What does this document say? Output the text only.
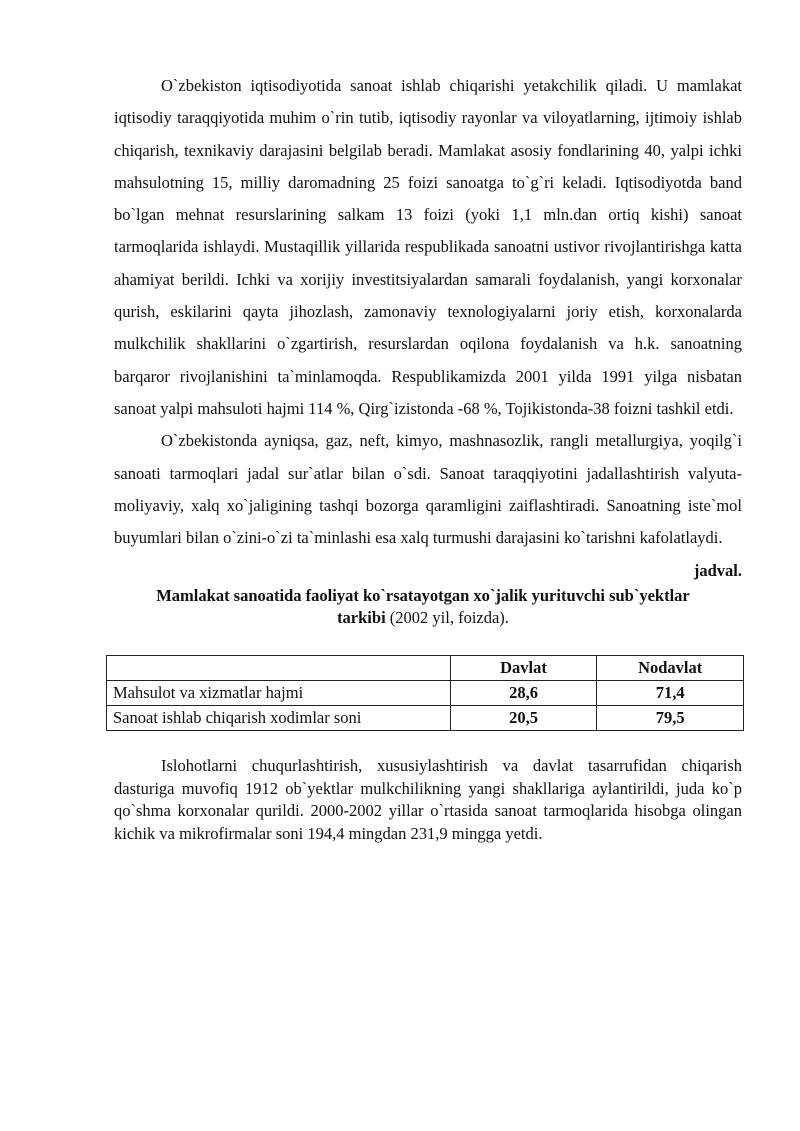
O`zbekiston iqtisodiyotida sanoat ishlab chiqarishi yetakchilik qiladi. U mamlakat iqtisodiy taraqqiyotida muhim o`rin tutib, iqtisodiy rayonlar va viloyatlarning, ijtimoiy ishlab chiqarish, texnikaviy darajasini belgilab beradi. Mamlakat asosiy fondlarining 40, yalpi ichki mahsulotning 15, milliy daromadning 25 foizi sanoatga to`g`ri keladi. Iqtisodiyotda band bo`lgan mehnat resurslarining salkam 13 foizi (yoki 1,1 mln.dan ortiq kishi) sanoat tarmoqlarida ishlaydi. Mustaqillik yillarida respublikada sanoatni ustivor rivojlantirishga katta ahamiyat berildi. Ichki va xorijiy investitsiyalardan samarali foydalanish, yangi korxonalar qurish, eskilarini qayta jihozlash, zamonaviy texnologiyalarni joriy etish, korxonalarda mulkchilik shakllarini o`zgartirish, resurslardan oqilona foydalanish va h.k. sanoatning barqaror rivojlanishini ta`minlamoqda. Respublikamizda 2001 yilda 1991 yilga nisbatan sanoat yalpi mahsuloti hajmi 114 %, Qirg`izistonda -68 %, Tojikistonda-38 foizni tashkil etdi.

O`zbekistonda ayniqsa, gaz, neft, kimyo, mashnasozlik, rangli metallurgiya, yoqilg`i sanoati tarmoqlari jadal sur`atlar bilan o`sdi. Sanoat taraqqiyotini jadallashtirish valyuta-moliyaviy, xalq xo`jaligining tashqi bozorga qaramligini zaiflashtiradi. Sanoatning iste`mol buyumlari bilan o`zini-o`zi ta`minlashi esa xalq turmushi darajasini ko`tarishni kafolatlaydi.

jadval.
Mamlakat sanoatida faoliyat ko`rsatayotgan xo`jalik yurituvchi sub`yektlar tarkibi (2002 yil, foizda).
	Davlat	Nodavlat
Mahsulot va xizmatlar hajmi	28,6	71,4
Sanoat ishlab chiqarish xodimlar soni	20,5	79,5

Islohotlarni chuqurlashtirish, xususiylashtirish va davlat tasarrufidan chiqarish dasturiga muvofiq 1912 ob`yektlar mulkchilikning yangi shakllariga aylantirildi, juda ko`p qo`shma korxonalar qurildi. 2000-2002 yillar o`rtasida sanoat tarmoqlarida hisobga olingan kichik va mikrofirmalar soni 194,4 mingdan 231,9 mingga yetdi.
